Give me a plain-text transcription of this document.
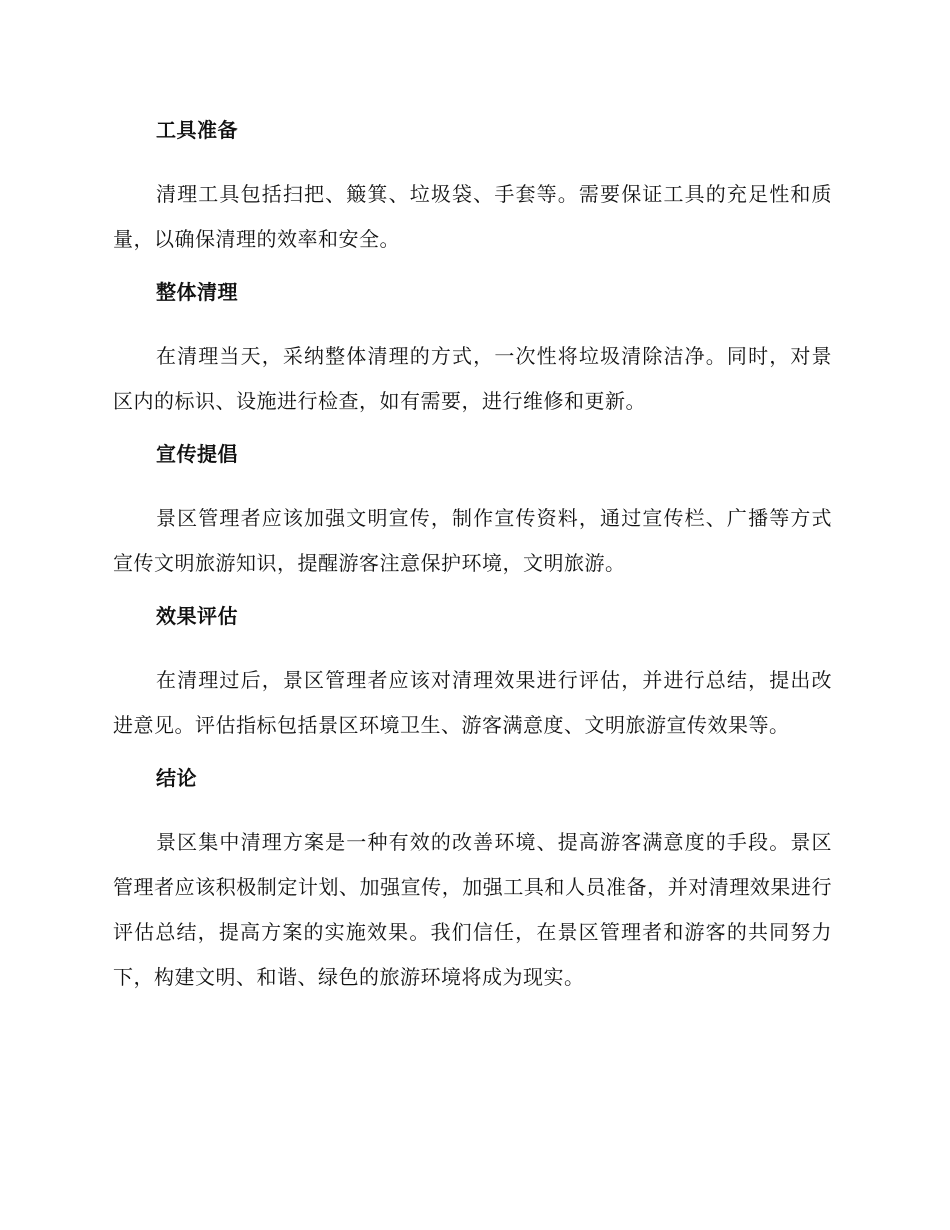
工具准备

清理工具包括扫把、簸箕、垃圾袋、手套等。需要保证工具的充足性和质量，以确保清理的效率和安全。

整体清理

在清理当天，采纳整体清理的方式，一次性将垃圾清除洁净。同时，对景区内的标识、设施进行检查，如有需要，进行维修和更新。

宣传提倡

景区管理者应该加强文明宣传，制作宣传资料，通过宣传栏、广播等方式宣传文明旅游知识，提醒游客注意保护环境，文明旅游。

效果评估

在清理过后，景区管理者应该对清理效果进行评估，并进行总结，提出改进意见。评估指标包括景区环境卫生、游客满意度、文明旅游宣传效果等。

结论

景区集中清理方案是一种有效的改善环境、提高游客满意度的手段。景区管理者应该积极制定计划、加强宣传，加强工具和人员准备，并对清理效果进行评估总结，提高方案的实施效果。我们信任，在景区管理者和游客的共同努力下，构建文明、和谐、绿色的旅游环境将成为现实。
